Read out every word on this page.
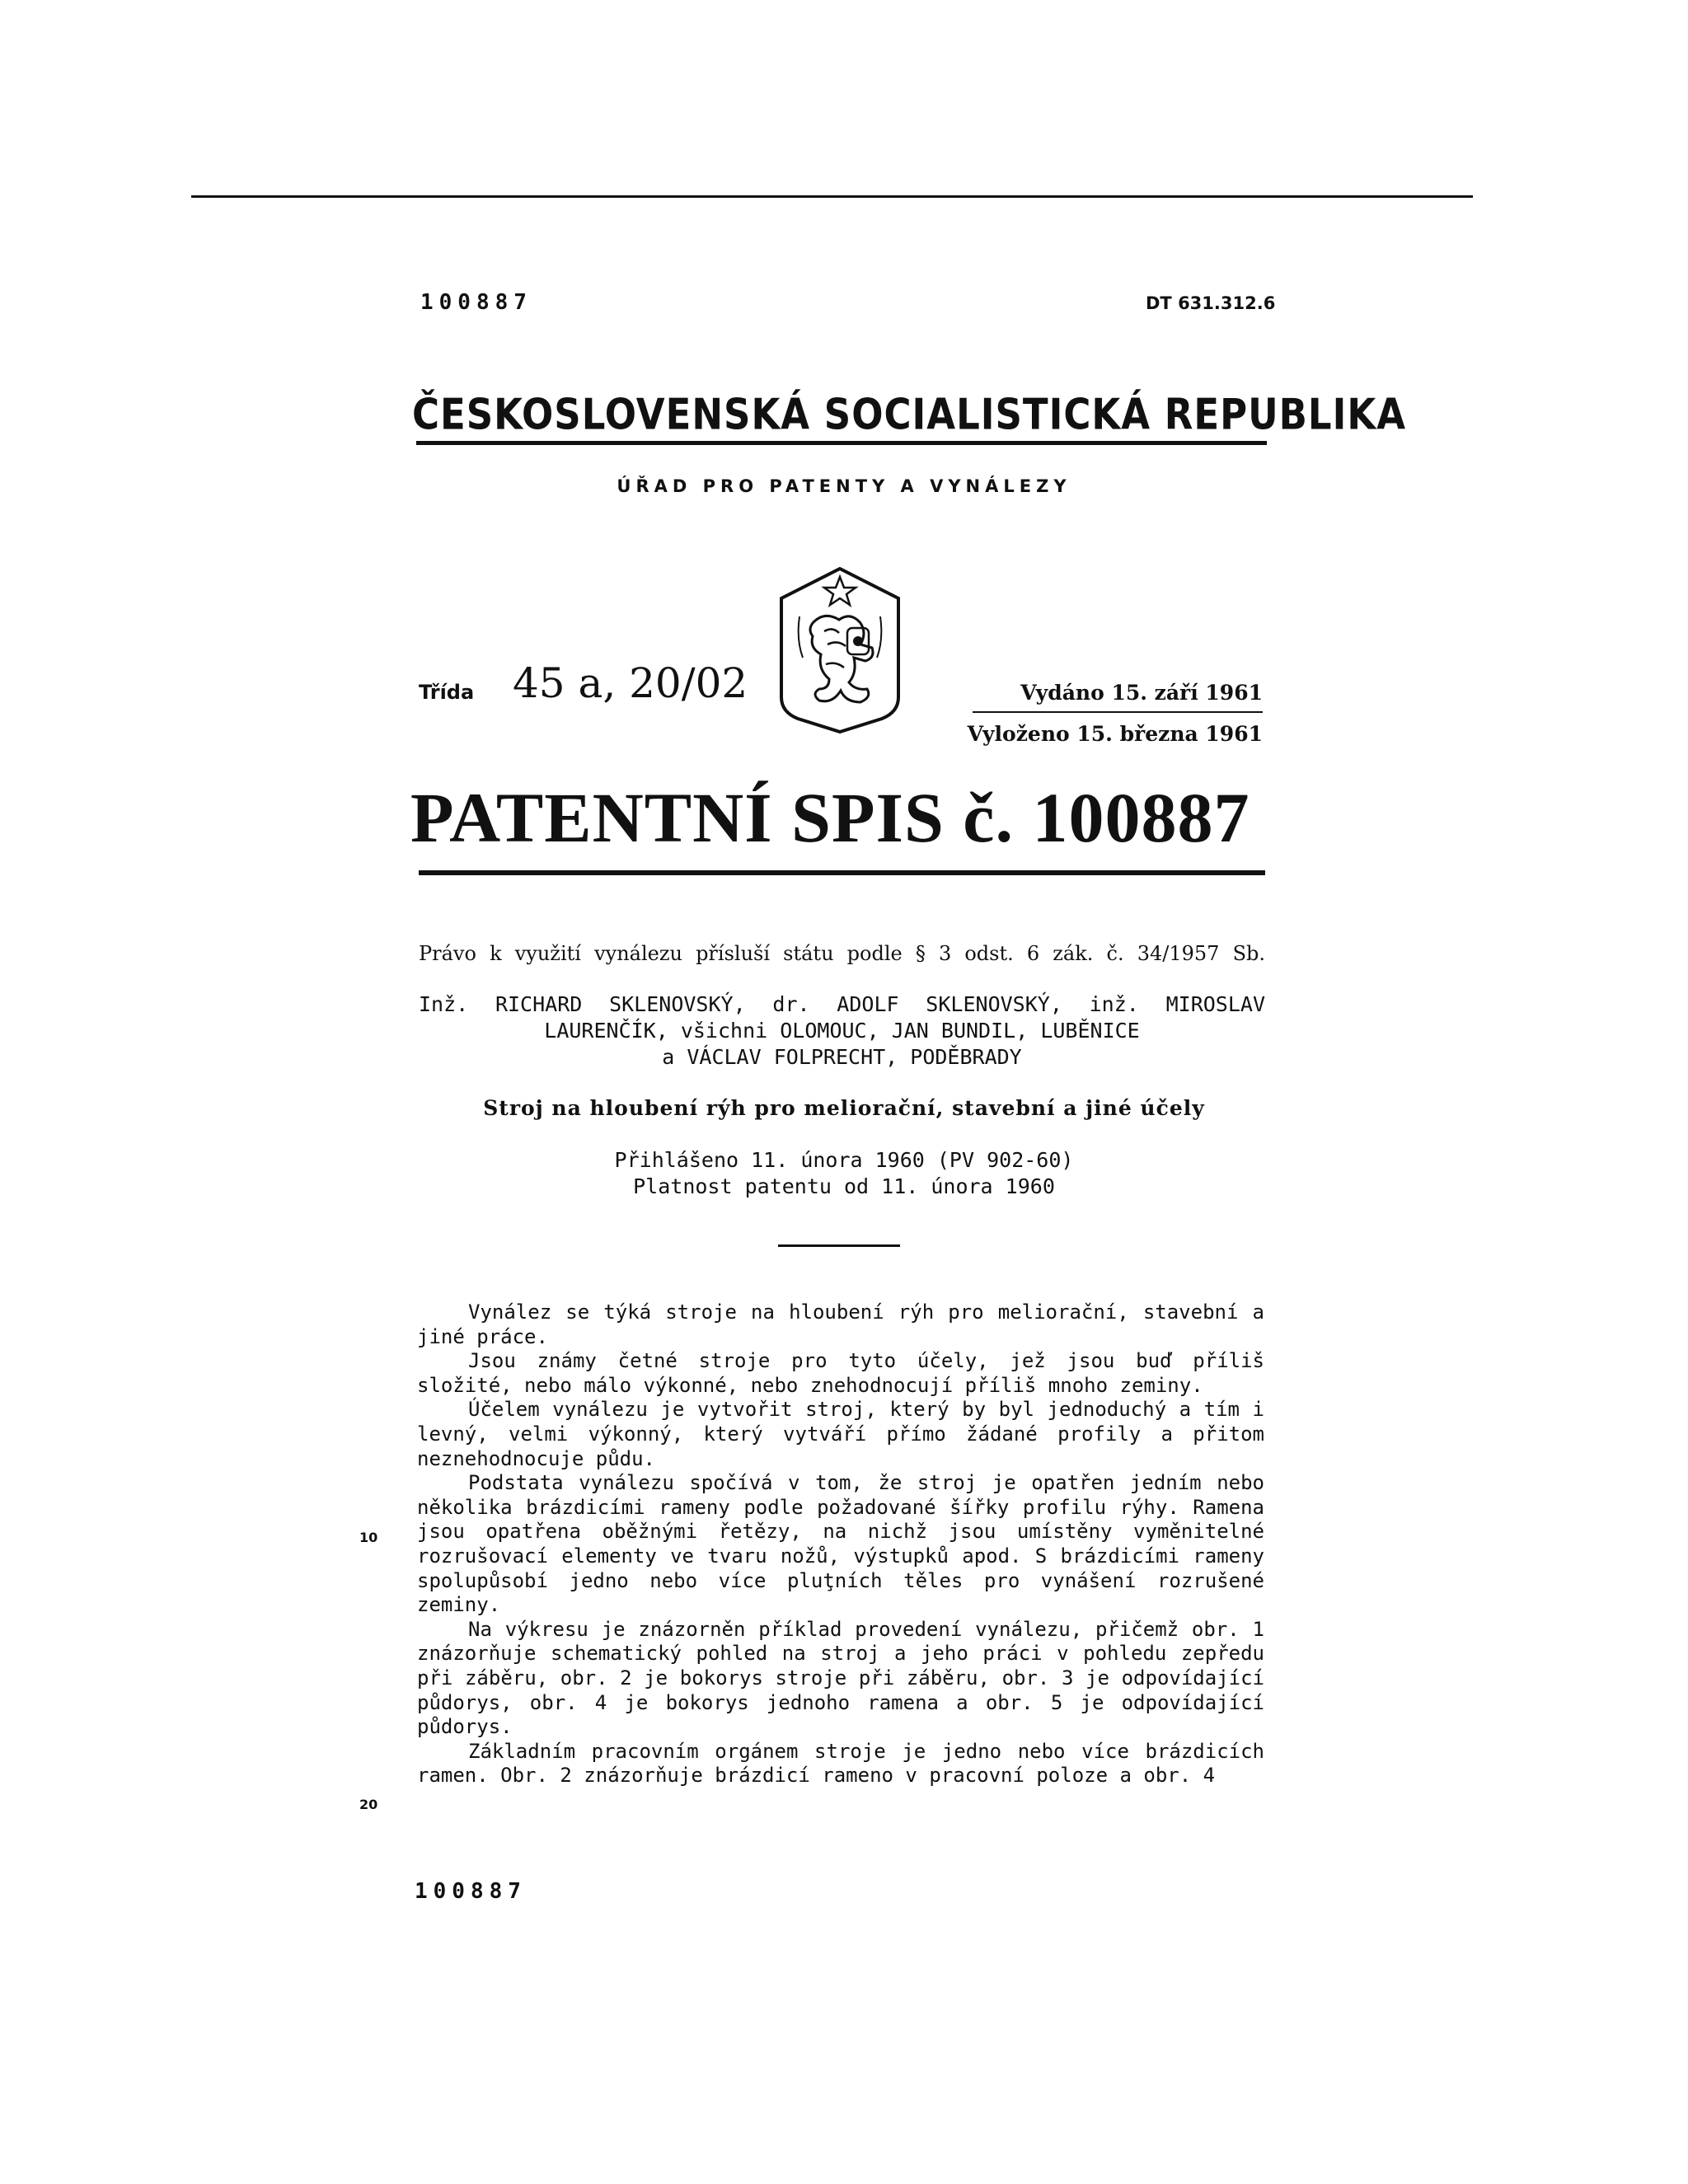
100887	DT 631.312.6
ČESKOSLOVENSKÁ SOCIALISTICKÁ REPUBLIKA
ÚŘAD PRO PATENTY A VYNÁLEZY
Třída 45 a, 20/02	Vydáno 15. září 1961
Vyloženo 15. března 1961
PATENTNÍ SPIS č. 100887
Právo k využití vynálezu přísluší státu podle § 3 odst. 6 zák. č. 34/1957 Sb.
Inž. RICHARD SKLENOVSKÝ, dr. ADOLF SKLENOVSKÝ, inž. MIROSLAV
LAURENČÍK, všichni OLOMOUC, JAN BUNDIL, LUBĚNICE
a VÁCLAV FOLPRECHT, PODĚBRADY
Stroj na hloubení rýh pro meliorační, stavební a jiné účely
Přihlášeno 11. února 1960 (PV 902-60)
Platnost patentu od 11. února 1960

Vynález se týká stroje na hloubení rýh pro meliorační, stavební a jiné práce.

Jsou známy četné stroje pro tyto účely, jež jsou buď příliš složité, nebo málo výkonné, nebo znehodnocují příliš mnoho zeminy.

Účelem vynálezu je vytvořit stroj, který by byl jednoduchý a tím i levný, velmi výkonný, který vytváří přímo žádané profily a přitom neznehodnocuje půdu.

Podstata vynálezu spočívá v tom, že stroj je opatřen jedním nebo několika brázdicími rameny podle požadované šířky profilu rýhy. Ramena jsou opatřena oběžnými řetězy, na nichž jsou umístěny vyměnitelné rozrušovací elementy ve tvaru nožů, výstupků apod. S brázdicími rameny spolupůsobí jedno nebo více pluţních těles pro vynášení rozrušené zeminy.

Na výkresu je znázorněn příklad provedení vynálezu, přičemž obr. 1 znázorňuje schematický pohled na stroj a jeho práci v pohledu zepředu při záběru, obr. 2 je bokorys stroje při záběru, obr. 3 je odpovídající půdorys, obr. 4 je bokorys jednoho ramena a obr. 5 je odpovídající půdorys.

Základním pracovním orgánem stroje je jedno nebo více brázdicích ramen. Obr. 2 znázorňuje brázdicí rameno v pracovní poloze a obr. 4

10
20
100887
